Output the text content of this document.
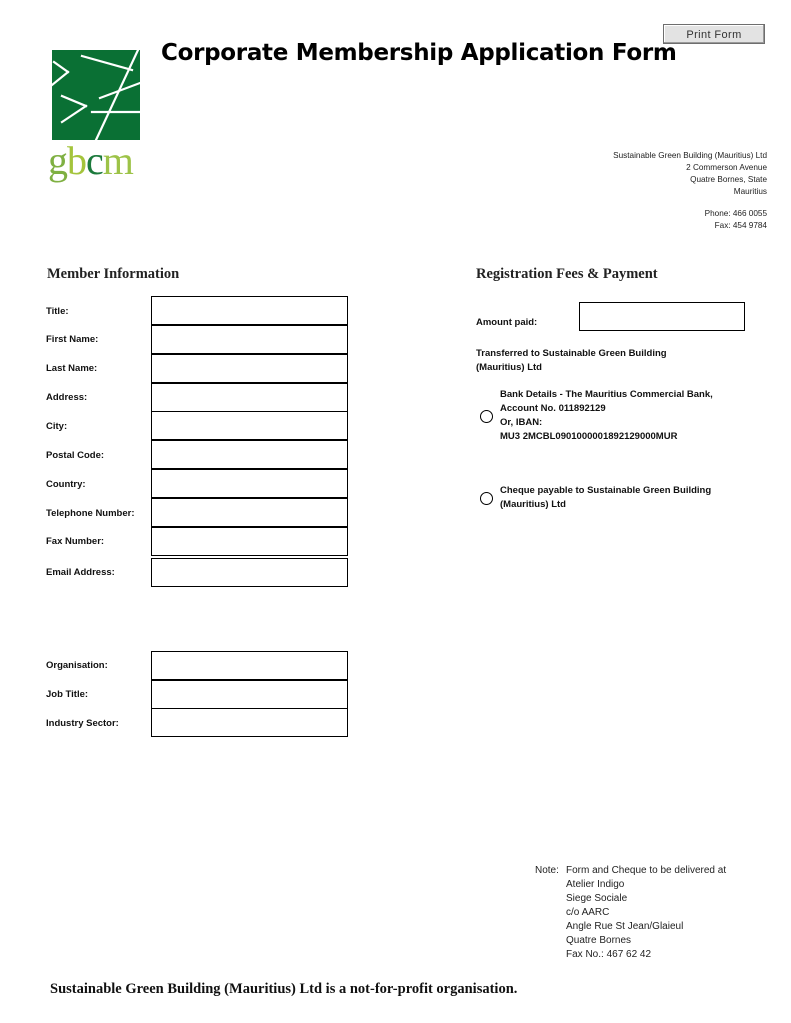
Print Form
gbcm
Corporate Membership Application Form
Sustainable Green Building (Mauritius) Ltd
2 Commerson Avenue
Quatre Bornes, State
Mauritius
Phone: 466 0055
Fax: 454 9784
Member Information
Title:
First Name:
Last Name:
Address:
City:
Postal Code:
Country:
Telephone Number:
Fax Number:
Email Address:
Organisation:
Job Title:
Industry Sector:
Registration Fees & Payment
Amount paid:
Transferred to Sustainable Green Building
(Mauritius) Ltd
Bank Details - The Mauritius Commercial Bank,
Account No. 011892129
Or, IBAN:
MU3 2MCBL0901000001892129000MUR
Cheque payable to Sustainable Green Building
(Mauritius) Ltd
Note: Form and Cheque to be delivered at
Atelier Indigo
Siege Sociale
c/o AARC
Angle Rue St Jean/Glaieul
Quatre Bornes
Fax No.: 467 62 42
Sustainable Green Building (Mauritius) Ltd is a not-for-profit organisation.
